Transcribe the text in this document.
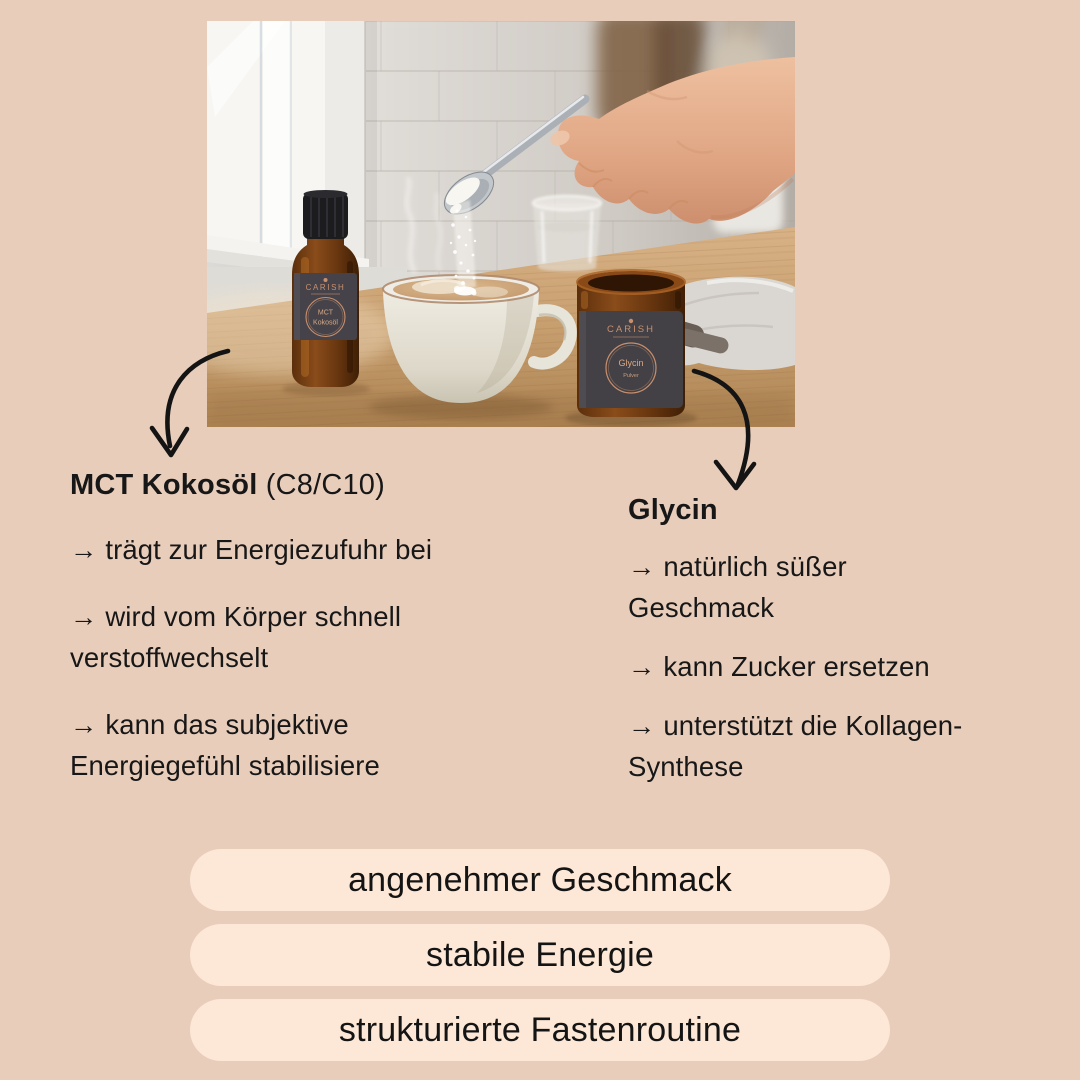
CARISH
MCT
Kokosöl
CARISH
Glycin
Pulver
MCT Kokosöl (C8/C10)

→ trägt zur Energiezufuhr bei

→ wird vom Körper schnell
verstoffwechselt

→ kann das subjektive
Energiegefühl stabilisiere

Glycin

→ natürlich süßer
Geschmack

→ kann Zucker ersetzen

→ unterstützt die Kollagen-
Synthese

angenehmer Geschmack
stabile Energie
strukturierte Fastenroutine
